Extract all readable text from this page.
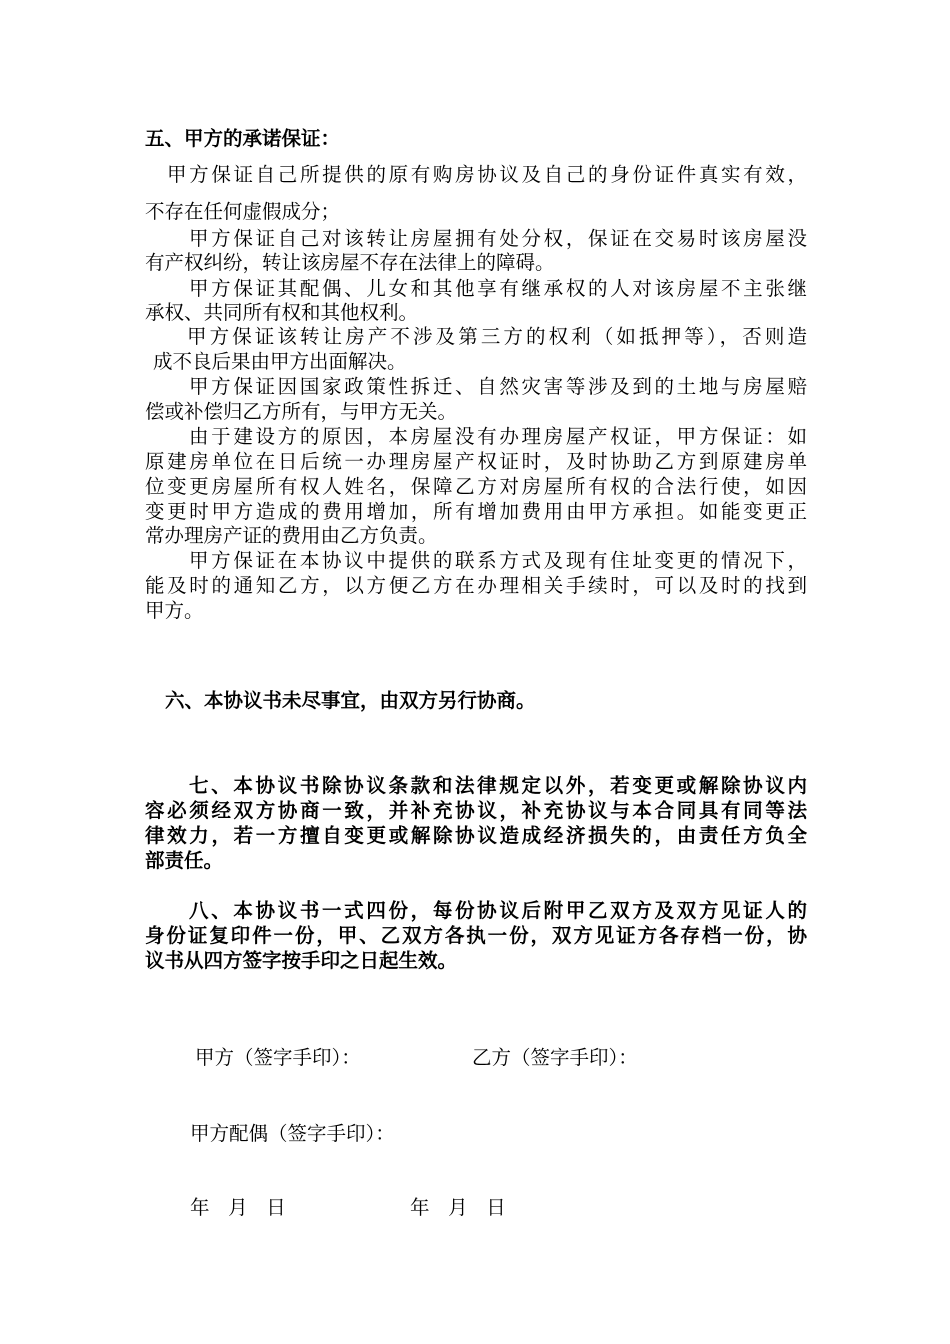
五、甲方的承诺保证：
甲方保证自己所提供的原有购房协议及自己的身份证件真实有效，
不存在任何虚假成分；
甲方保证自己对该转让房屋拥有处分权，保证在交易时该房屋没
有产权纠纷，转让该房屋不存在法律上的障碍。
甲方保证其配偶、儿女和其他享有继承权的人对该房屋不主张继
承权、共同所有权和其他权利。
甲方保证该转让房产不涉及第三方的权利（如抵押等），否则造
成不良后果由甲方出面解决。
甲方保证因国家政策性拆迁、自然灾害等涉及到的土地与房屋赔
偿或补偿归乙方所有，与甲方无关。
由于建设方的原因，本房屋没有办理房屋产权证，甲方保证：如
原建房单位在日后统一办理房屋产权证时，及时协助乙方到原建房单
位变更房屋所有权人姓名，保障乙方对房屋所有权的合法行使，如因
变更时甲方造成的费用增加，所有增加费用由甲方承担。如能变更正
常办理房产证的费用由乙方负责。
甲方保证在本协议中提供的联系方式及现有住址变更的情况下，
能及时的通知乙方，以方便乙方在办理相关手续时，可以及时的找到
甲方。
六、本协议书未尽事宜，由双方另行协商。
七、本协议书除协议条款和法律规定以外，若变更或解除协议内
容必须经双方协商一致，并补充协议，补充协议与本合同具有同等法
律效力，若一方擅自变更或解除协议造成经济损失的，由责任方负全
部责任。
八、本协议书一式四份，每份协议后附甲乙双方及双方见证人的
身份证复印件一份，甲、乙双方各执一份，双方见证方各存档一份，协
议书从四方签字按手印之日起生效。
甲方（签字手印）：	乙方（签字手印）：
甲方配偶（签字手印）：
年   月   日	年   月   日
